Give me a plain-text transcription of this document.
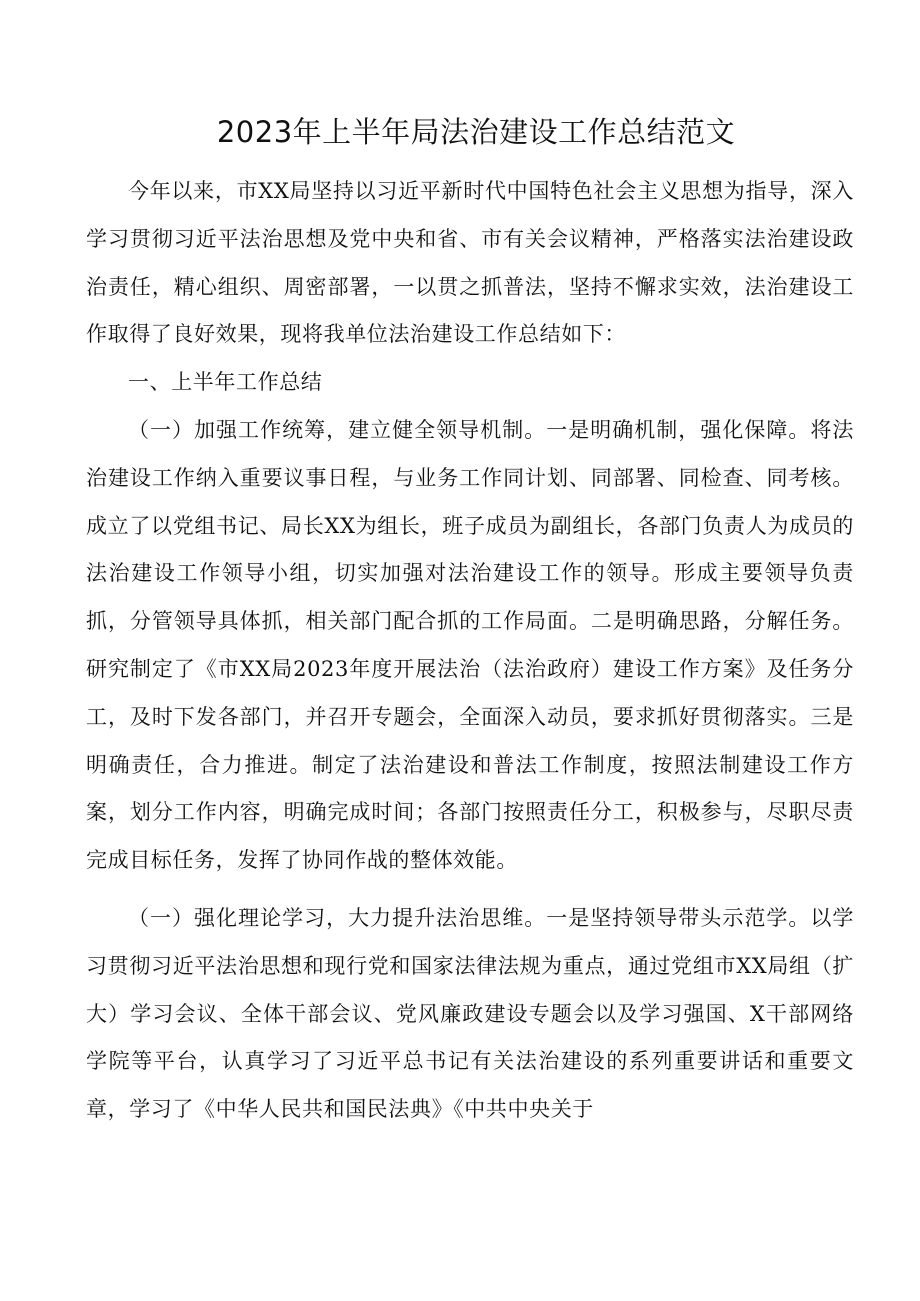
2023年上半年局法治建设工作总结范文

今年以来，市XX局坚持以习近平新时代中国特色社会主义思想为指导，深入学习贯彻习近平法治思想及党中央和省、市有关会议精神，严格落实法治建设政治责任，精心组织、周密部署，一以贯之抓普法，坚持不懈求实效，法治建设工作取得了良好效果，现将我单位法治建设工作总结如下：

一、上半年工作总结

（一）加强工作统筹，建立健全领导机制。一是明确机制，强化保障。将法治建设工作纳入重要议事日程，与业务工作同计划、同部署、同检查、同考核。成立了以党组书记、局长XX为组长，班子成员为副组长，各部门负责人为成员的法治建设工作领导小组，切实加强对法治建设工作的领导。形成主要领导负责抓，分管领导具体抓，相关部门配合抓的工作局面。二是明确思路，分解任务。研究制定了《市XX局2023年度开展法治（法治政府）建设工作方案》及任务分工，及时下发各部门，并召开专题会，全面深入动员，要求抓好贯彻落实。三是明确责任，合力推进。制定了法治建设和普法工作制度，按照法制建设工作方案，划分工作内容，明确完成时间；各部门按照责任分工，积极参与，尽职尽责完成目标任务，发挥了协同作战的整体效能。

（一）强化理论学习，大力提升法治思维。一是坚持领导带头示范学。以学习贯彻习近平法治思想和现行党和国家法律法规为重点，通过党组市XX局组（扩大）学习会议、全体干部会议、党风廉政建设专题会以及学习强国、X干部网络学院等平台，认真学习了习近平总书记有关法治建设的系列重要讲话和重要文章，学习了《中华人民共和国民法典》《中共中央关于
